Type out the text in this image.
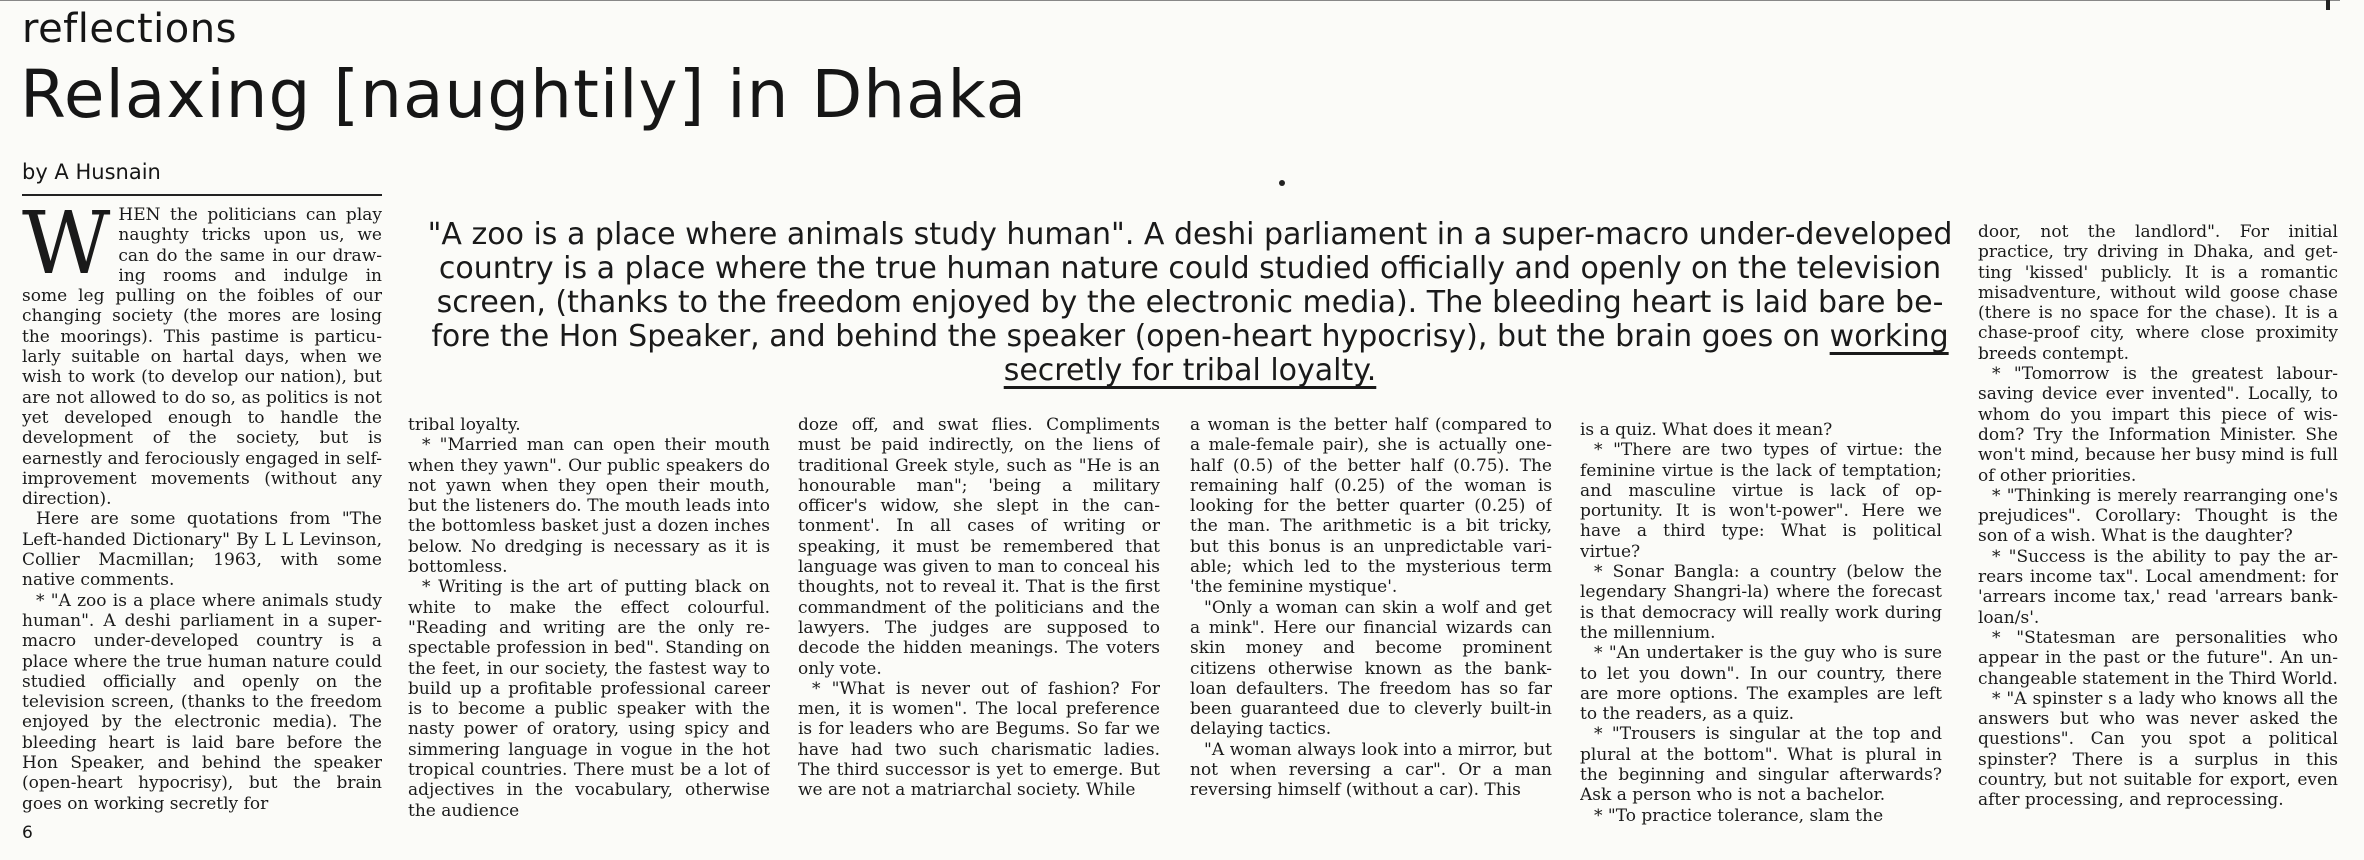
reflections
Relaxing [naughtily] in Dhaka
by A Husnain
"A zoo is a place where animals study human". A deshi parliament in a super-macro under-developed country is a place where the true human nature could studied officially and openly on the television screen, (thanks to the freedom enjoyed by the electronic media). The bleeding heart is laid bare before the Hon Speaker, and behind the speaker (open-heart hypocrisy), but the brain goes on working secretly for tribal loyalty.

WHEN the politicians can play naughty tricks upon us, we can do the same in our drawing rooms and indulge in some leg pulling on the foibles of our changing society (the mores are losing the moorings). This pastime is particularly suitable on hartal days, when we wish to work (to develop our nation), but are not allowed to do so, as politics is not yet developed enough to handle the development of the society, but is earnestly and ferociously engaged in self-improvement movements (without any direction).

Here are some quotations from "The Left-handed Dictionary" By L L Levinson, Collier Macmillan; 1963, with some native comments.

* "A zoo is a place where animals study human". A deshi parliament in a super-macro under-developed country is a place where the true human nature could studied officially and openly on the television screen, (thanks to the freedom enjoyed by the electronic media). The bleeding heart is laid bare before the Hon Speaker, and behind the speaker (open-heart hypocrisy), but the brain goes on working secretly for

tribal loyalty.

* "Married man can open their mouth when they yawn". Our public speakers do not yawn when they open their mouth, but the listeners do. The mouth leads into the bottomless basket just a dozen inches below. No dredging is necessary as it is bottomless.

* Writing is the art of putting black on white to make the effect colourful. "Reading and writing are the only respectable profession in bed". Standing on the feet, in our society, the fastest way to build up a profitable professional career is to become a public speaker with the nasty power of oratory, using spicy and simmering language in vogue in the hot tropical countries. There must be a lot of adjectives in the vocabulary, otherwise the audience

doze off, and swat flies. Compliments must be paid indirectly, on the liens of traditional Greek style, such as "He is an honourable man"; 'being a military officer's widow, she slept in the cantonment'. In all cases of writing or speaking, it must be remembered that language was given to man to conceal his thoughts, not to reveal it. That is the first commandment of the politicians and the lawyers. The judges are supposed to decode the hidden meanings. The voters only vote.

* "What is never out of fashion? For men, it is women". The local preference is for leaders who are Begums. So far we have had two such charismatic ladies. The third successor is yet to emerge. But we are not a matriarchal society. While

a woman is the better half (compared to a male-female pair), she is actually one-half (0.5) of the better half (0.75). The remaining half (0.25) of the woman is looking for the better quarter (0.25) of the man. The arithmetic is a bit tricky, but this bonus is an unpredictable variable; which led to the mysterious term 'the feminine mystique'.

"Only a woman can skin a wolf and get a mink". Here our financial wizards can skin money and become prominent citizens otherwise known as the bank-loan defaulters. The freedom has so far been guaranteed due to cleverly built-in delaying tactics.

"A woman always look into a mirror, but not when reversing a car". Or a man reversing himself (without a car). This

is a quiz. What does it mean?

* "There are two types of virtue: the feminine virtue is the lack of temptation; and masculine virtue is lack of opportunity. It is won't-power". Here we have a third type: What is political virtue?

* Sonar Bangla: a country (below the legendary Shangri-la) where the forecast is that democracy will really work during the millennium.

* "An undertaker is the guy who is sure to let you down". In our country, there are more options. The examples are left to the readers, as a quiz.

* "Trousers is singular at the top and plural at the bottom". What is plural in the beginning and singular afterwards? Ask a person who is not a bachelor.

* "To practice tolerance, slam the

door, not the landlord". For initial practice, try driving in Dhaka, and getting 'kissed' publicly. It is a romantic misadventure, without wild goose chase (there is no space for the chase). It is a chase-proof city, where close proximity breeds contempt.

* "Tomorrow is the greatest labour-saving device ever invented". Locally, to whom do you impart this piece of wisdom? Try the Information Minister. She won't mind, because her busy mind is full of other priorities.

* "Thinking is merely rearranging one's prejudices". Corollary: Thought is the son of a wish. What is the daughter?

* "Success is the ability to pay the arrears income tax". Local amendment: for 'arrears income tax,' read 'arrears bank-loan/s'.

* "Statesman are personalities who appear in the past or the future". An unchangeable statement in the Third World.

* "A spinster s a lady who knows all the answers but who was never asked the questions". Can you spot a political spinster? There is a surplus in this country, but not suitable for export, even after processing, and reprocessing.

6
